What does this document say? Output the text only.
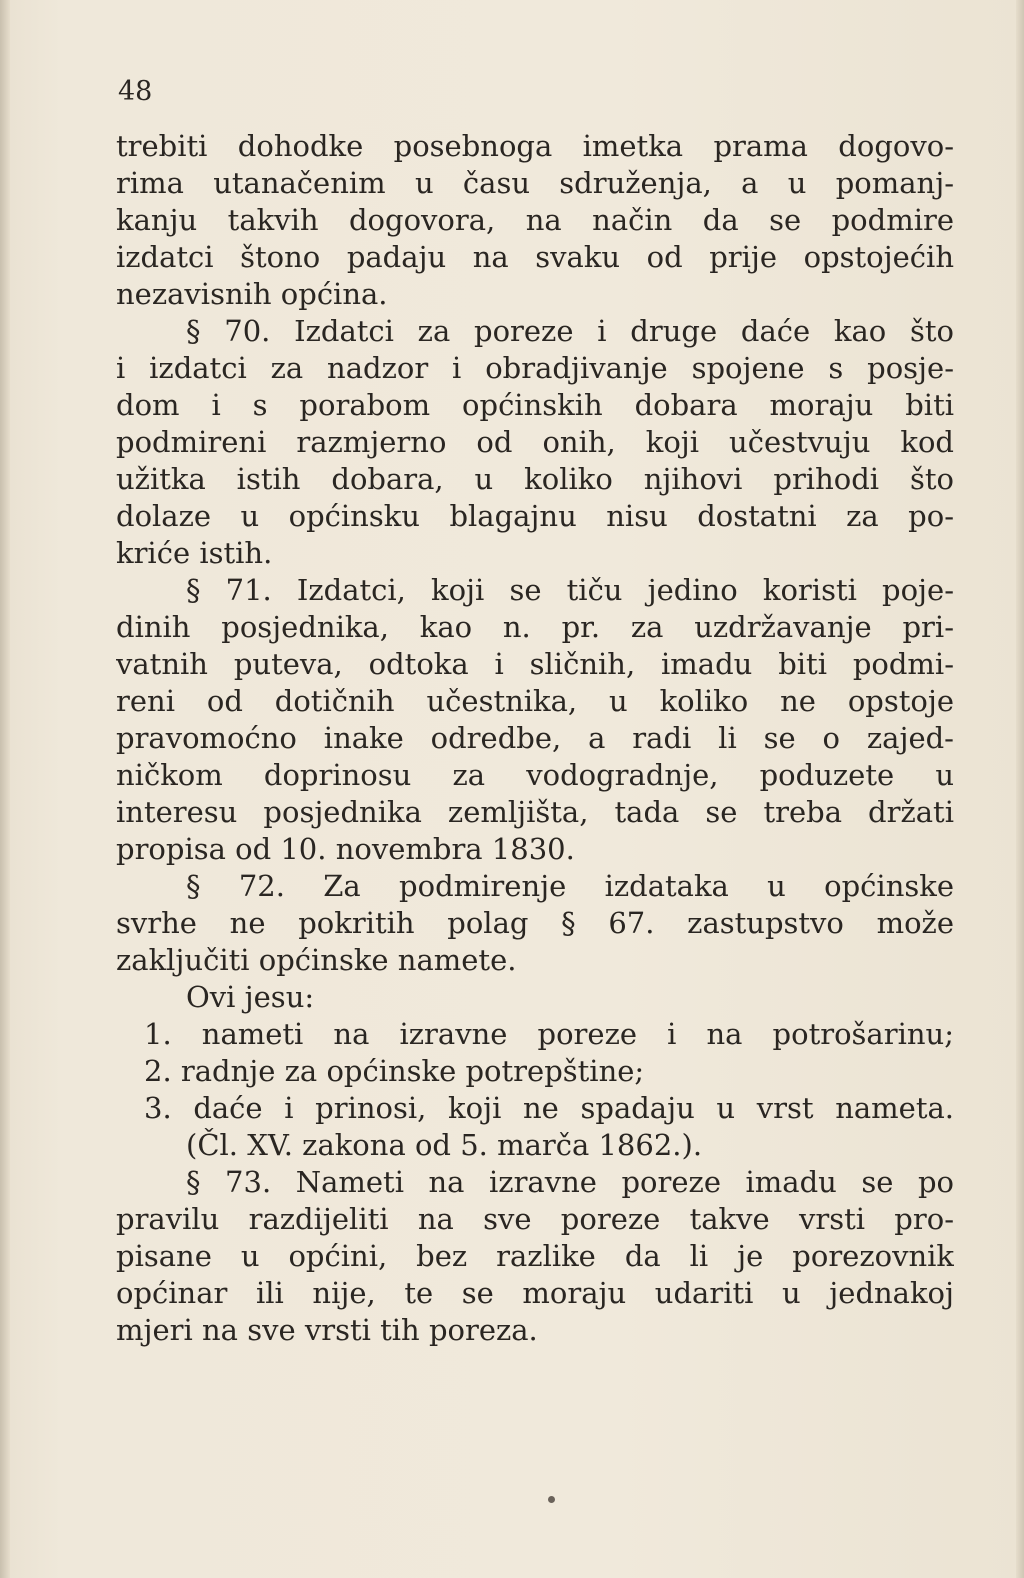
48
trebiti dohodke posebnoga imetka prama dogovo-
rima utanačenim u času sdruženja, a u pomanj-
kanju takvih dogovora, na način da se podmire
izdatci štono padaju na svaku od prije opstojećih
nezavisnih općina.
§ 70. Izdatci za poreze i druge daće kao što
i izdatci za nadzor i obradjivanje spojene s posje-
dom i s porabom općinskih dobara moraju biti
podmireni razmjerno od onih, koji učestvuju kod
užitka istih dobara, u koliko njihovi prihodi što
dolaze u općinsku blagajnu nisu dostatni za po-
kriće istih.
§ 71. Izdatci, koji se tiču jedino koristi poje-
dinih posjednika, kao n. pr. za uzdržavanje pri-
vatnih puteva, odtoka i sličnih, imadu biti podmi-
reni od dotičnih učestnika, u koliko ne opstoje
pravomoćno inake odredbe, a radi li se o zajed-
ničkom doprinosu za vodogradnje, poduzete u
interesu posjednika zemljišta, tada se treba držati
propisa od 10. novembra 1830.
§ 72. Za podmirenje izdataka u općinske
svrhe ne pokritih polag § 67. zastupstvo može
zaključiti općinske namete.
Ovi jesu:
1. nameti na izravne poreze i na potrošarinu;
2. radnje za općinske potrepštine;
3. daće i prinosi, koji ne spadaju u vrst nameta.
(Čl. XV. zakona od 5. marča 1862.).
§ 73. Nameti na izravne poreze imadu se po
pravilu razdijeliti na sve poreze takve vrsti pro-
pisane u općini, bez razlike da li je porezovnik
općinar ili nije, te se moraju udariti u jednakoj
mjeri na sve vrsti tih poreza.
